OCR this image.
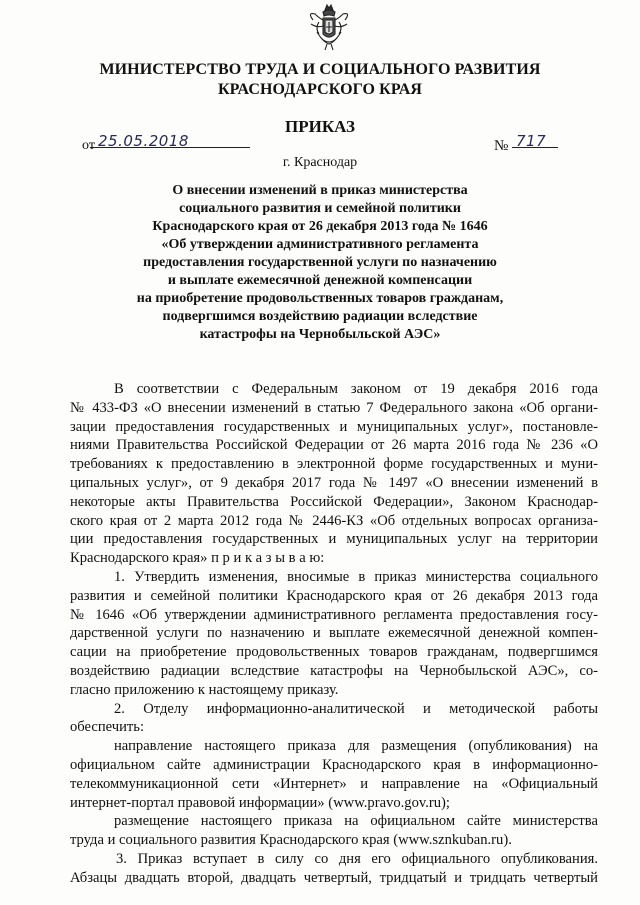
МИНИСТЕРСТВО ТРУДА И СОЦИАЛЬНОГО РАЗВИТИЯ
КРАСНОДАРСКОГО КРАЯ
ПРИКАЗ
от 25.05.2018	№ 717
г. Краснодар
О внесении изменений в приказ министерства
социального развития и семейной политики
Краснодарского края от 26 декабря 2013 года № 1646
«Об утверждении административного регламента
предоставления государственной услуги по назначению
и выплате ежемесячной денежной компенсации
на приобретение продовольственных товаров гражданам,
подвергшимся воздействию радиации вследствие
катастрофы на Чернобыльской АЭС»

В соответствии с Федеральным законом от 19 декабря 2016 года

№ 433-ФЗ «О внесении изменений в статью 7 Федерального закона «Об органи-

зации предоставления государственных и муниципальных услуг», постановле-

ниями Правительства Российской Федерации от 26 марта 2016 года № 236 «О

требованиях к предоставлению в электронной форме государственных и муни-

ципальных услуг», от 9 декабря 2017 года № 1497 «О внесении изменений в

некоторые акты Правительства Российской Федерации», Законом Краснодар-

ского края от 2 марта 2012 года № 2446-КЗ «Об отдельных вопросах организа-

ции предоставления государственных и муниципальных услуг на территории

Краснодарского края» п р и к а з ы в а ю:

1. Утвердить изменения, вносимые в приказ министерства социального

развития и семейной политики Краснодарского края от 26 декабря 2013 года

№ 1646 «Об утверждении административного регламента предоставления госу-

дарственной услуги по назначению и выплате ежемесячной денежной компен-

сации на приобретение продовольственных товаров гражданам, подвергшимся

воздействию радиации вследствие катастрофы на Чернобыльской АЭС», со-

гласно приложению к настоящему приказу.

2. Отделу информационно-аналитической и методической работы

обеспечить:

направление настоящего приказа для размещения (опубликования) на

официальном сайте администрации Краснодарского края в информационно-

телекоммуникационной сети «Интернет» и направление на «Официальный

интернет-портал правовой информации» (www.pravo.gov.ru);

размещение настоящего приказа на официальном сайте министерства

труда и социального развития Краснодарского края (www.sznkuban.ru).

3. Приказ вступает в силу со дня его официального опубликования.

Абзацы двадцать второй, двадцать четвертый, тридцатый и тридцать четвертый
